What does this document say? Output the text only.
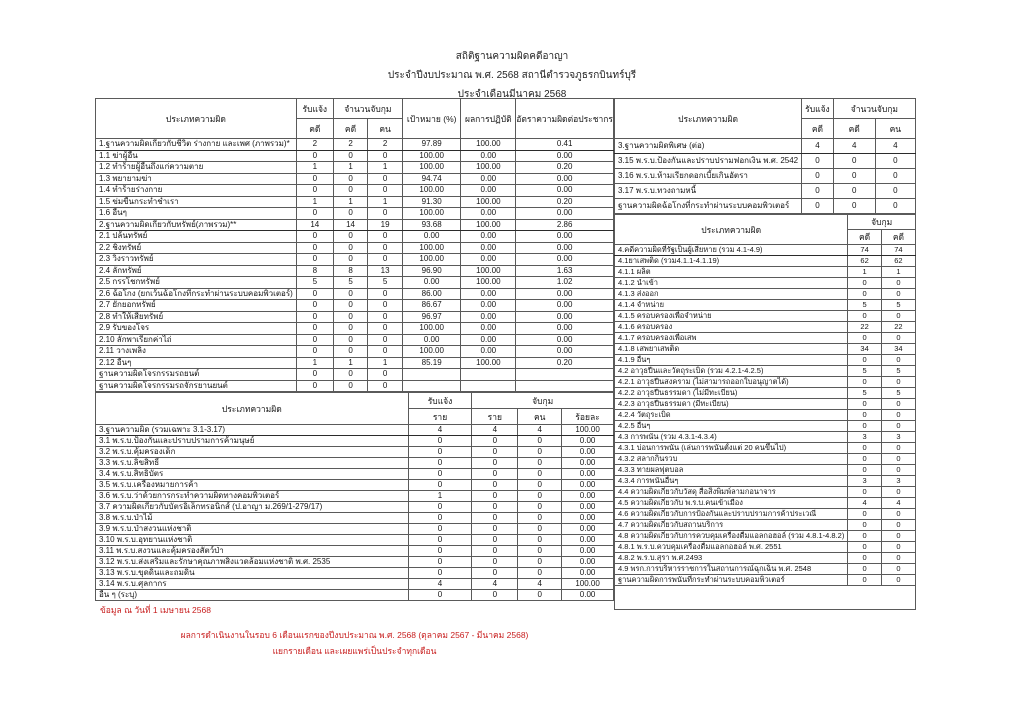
สถิติฐานความผิดคดีอาญา
ประจำปีงบประมาณ พ.ศ. 2568 สถานีตำรวจภูธรกบินทร์บุรี
ประจำเดือนมีนาคม 2568
ประเภทความผิด	รับแจ้ง	จำนวนจับกุม		เป้าหมาย (%)	ผลการปฏิบัติ	อัตราความผิดต่อประชากร
	คดี	คดี	คน			
1.ฐานความผิดเกี่ยวกับชีวิต ร่างกาย และเพศ (ภาพรวม)*	2	2	2	97.89	100.00	0.41
1.1 ฆ่าผู้อื่น	0	0	0	100.00	0.00	0.00
1.2 ทำร้ายผู้อื่นถึงแก่ความตาย	1	1	1	100.00	100.00	0.20
1.3 พยายามฆ่า	0	0	0	94.74	0.00	0.00
1.4 ทำร้ายร่างกาย	0	0	0	100.00	0.00	0.00
1.5 ข่มขืนกระทำชำเรา	1	1	1	91.30	100.00	0.20
1.6 อื่นๆ	0	0	0	100.00	0.00	0.00
2.ฐานความผิดเกี่ยวกับทรัพย์(ภาพรวม)**	14	14	19	93.68	100.00	2.86
2.1 ปล้นทรัพย์	0	0	0	0.00	0.00	0.00
2.2 ชิงทรัพย์	0	0	0	100.00	0.00	0.00
2.3 วิ่งราวทรัพย์	0	0	0	100.00	0.00	0.00
2.4 ลักทรัพย์	8	8	13	96.90	100.00	1.63
2.5 กรรโชกทรัพย์	5	5	5	0.00	100.00	1.02
2.6 ฉ้อโกง (ยกเว้นฉ้อโกงที่กระทำผ่านระบบคอมพิวเตอร์)	0	0	0	86.00	0.00	0.00
2.7 ยักยอกทรัพย์	0	0	0	86.67	0.00	0.00
2.8 ทำให้เสียทรัพย์	0	0	0	96.97	0.00	0.00
2.9 รับของโจร	0	0	0	100.00	0.00	0.00
2.10 ลักพาเรียกค่าไถ่	0	0	0	0.00	0.00	0.00
2.11 วางเพลิง	0	0	0	100.00	0.00	0.00
2.12 อื่นๆ	1	1	1	85.19	100.00	0.20
ฐานความผิดโจรกรรมรถยนต์	0	0	0			
ฐานความผิดโจรกรรมรถจักรยานยนต์	0	0	0			
ประเภทความผิด	รับแจ้ง	จับกุม		
	ราย	ราย	คน	ร้อยละ
3.ฐานความผิด (รวมเฉพาะ 3.1-3.17)	4	4	4	100.00
3.1 พ.ร.บ.ป้องกันและปราบปรามการค้ามนุษย์	0	0	0	0.00
3.2 พ.ร.บ.คุ้มครองเด็ก	0	0	0	0.00
3.3 พ.ร.บ.ลิขสิทธิ์	0	0	0	0.00
3.4 พ.ร.บ.สิทธิบัตร	0	0	0	0.00
3.5 พ.ร.บ.เครื่องหมายการค้า	0	0	0	0.00
3.6 พ.ร.บ.ว่าด้วยการกระทำความผิดทางคอมพิวเตอร์	1	0	0	0.00
3.7 ความผิดเกี่ยวกับบัตรอิเล็กทรอนิกส์ (ป.อาญา ม.269/1-279/17)	0	0	0	0.00
3.8 พ.ร.บ.ป่าไม้	0	0	0	0.00
3.9 พ.ร.บ.ป่าสงวนแห่งชาติ	0	0	0	0.00
3.10 พ.ร.บ.อุทยานแห่งชาติ	0	0	0	0.00
3.11 พ.ร.บ.สงวนและคุ้มครองสัตว์ป่า	0	0	0	0.00
3.12 พ.ร.บ.ส่งเสริมและรักษาคุณภาพสิ่งแวดล้อมแห่งชาติ พ.ศ. 2535	0	0	0	0.00
3.13 พ.ร.บ.ขุดดินและถมดิน	0	0	0	0.00
3.14 พ.ร.บ.ศุลกากร	4	4	4	100.00
อื่น ๆ (ระบุ)	0	0	0	0.00
ประเภทความผิด	รับแจ้ง	จำนวนจับกุม	
	คดี	คดี	คน
3.ฐานความผิดพิเศษ (ต่อ)	4	4	4
3.15 พ.ร.บ.ป้องกันและปราบปรามฟอกเงิน พ.ศ. 2542	0	0	0
3.16 พ.ร.บ.ห้ามเรียกดอกเบี้ยเกินอัตรา	0	0	0
3.17 พ.ร.บ.ทวงถามหนี้	0	0	0
ฐานความผิดฉ้อโกงที่กระทำผ่านระบบคอมพิวเตอร์	0	0	0
ประเภทความผิด	จับกุม	
	คดี	คดี
4.คดีความผิดที่รัฐเป็นผู้เสียหาย (รวม 4.1-4.9)	74	74
4.1ยาเสพติด (รวม4.1.1-4.1.19)	62	62
4.1.1 ผลิต	1	1
4.1.2 นำเข้า	0	0
4.1.3 ส่งออก	0	0
4.1.4 จำหน่าย	5	5
4.1.5 ครอบครองเพื่อจำหน่าย	0	0
4.1.6 ครอบครอง	22	22
4.1.7 ครอบครองเพื่อเสพ	0	0
4.1.8 เสพยาเสพติด	34	34
4.1.9 อื่นๆ	0	0
4.2 อาวุธปืนและวัตถุระเบิด (รวม 4.2.1-4.2.5)	5	5
4.2.1 อาวุธปืนสงคราม (ไม่สามารถออกใบอนุญาตได้)	0	0
4.2.2 อาวุธปืนธรรมดา (ไม่มีทะเบียน)	5	5
4.2.3 อาวุธปืนธรรมดา (มีทะเบียน)	0	0
4.2.4 วัตถุระเบิด	0	0
4.2.5 อื่นๆ	0	0
4.3 การพนัน (รวม 4.3.1-4.3.4)	3	3
4.3.1 บ่อนการพนัน (เล่นการพนันตั้งแต่ 20 คนขึ้นไป)	0	0
4.3.2 สลากกินรวบ	0	0
4.3.3 ทายผลฟุตบอล	0	0
4.3.4 การพนันอื่นๆ	3	3
4.4 ความผิดเกี่ยวกับวัสดุ สื่อสิ่งพิมพ์ลามกอนาจาร	0	0
4.5 ความผิดเกี่ยวกับ พ.ร.บ.คนเข้าเมือง	4	4
4.6 ความผิดเกี่ยวกับการป้องกันและปราบปรามการค้าประเวณี	0	0
4.7 ความผิดเกี่ยวกับสถานบริการ	0	0
4.8 ความผิดเกี่ยวกับการควบคุมเครื่องดื่มแอลกอฮอล์ (รวม 4.8.1-4.8.2)	0	0
4.8.1 พ.ร.บ.ควบคุมเครื่องดื่มแอลกอฮอล์ พ.ศ. 2551	0	0
4.8.2 พ.ร.บ.สุรา พ.ศ.2493	0	0
4.9 พรก.การบริหารราชการในสถานการณ์ฉุกเฉิน พ.ศ. 2548	0	0
ฐานความผิดการพนันที่กระทำผ่านระบบคอมพิวเตอร์	0	0
ข้อมูล ณ วันที่ 1 เมษายน 2568
ผลการดำเนินงานในรอบ 6 เดือนแรกของปีงบประมาณ พ.ศ. 2568 (ตุลาคม 2567 - มีนาคม 2568)
แยกรายเดือน และเผยแพร่เป็นประจำทุกเดือน
